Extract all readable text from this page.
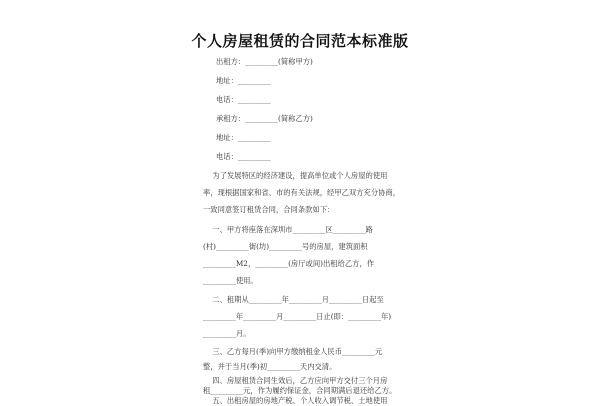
个人房屋租赁的合同范本标准版
出租方：_________(简称甲方)
地址：_________
电话：_________
承租方：_________(简称乙方)
地址：_________
电话：_________
为了发展特区的经济建设，提高单位或个人房屋的使用
率，现根据国家和省、市的有关法规，经甲乙双方充分协商，
一致同意签订租赁合同，合同条款如下：
一、甲方将座落在深圳市_________区_________路
(村)_________街(坊)_________号的房屋，建筑面积
_________M2，_________(房厅或间)出租给乙方，作
_________使用。
二、租期从_________年_________月_________日起至
_________年_________月_________日止(即：_________年)
_________月。
三、乙方每月(季)向甲方缴纳租金人民币_________元
整，并于当月(季)初_________天内交清。
四、房屋租赁合同生效后，乙方应向甲方交付三个月房
租_________元，作为履约保证金，合同期满后退还给乙方。
五、出租房屋的房地产税、个人收入调节税、土地使用
